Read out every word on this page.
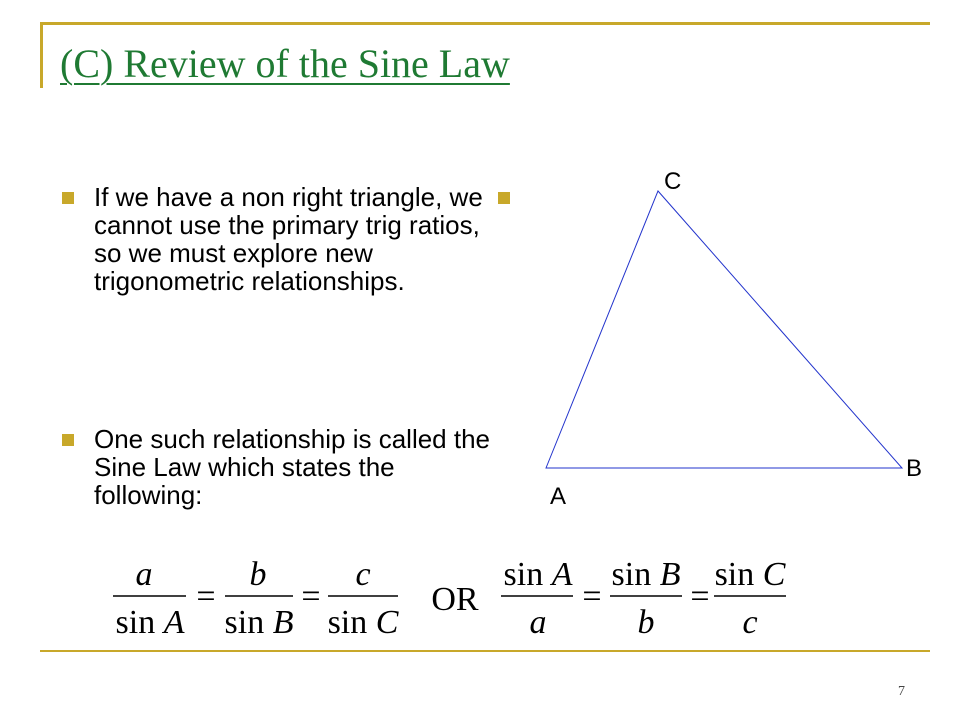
(C) Review of the Sine Law
If we have a non right triangle, we cannot use the primary trig ratios, so we must explore new trigonometric relationships.
One such relationship is called the Sine Law which states the following:
C
B
A
a
sin A
=
b
sin B
=
c
sin C
OR
sin A
a
=
sin B
b
=
sin C
c
7
